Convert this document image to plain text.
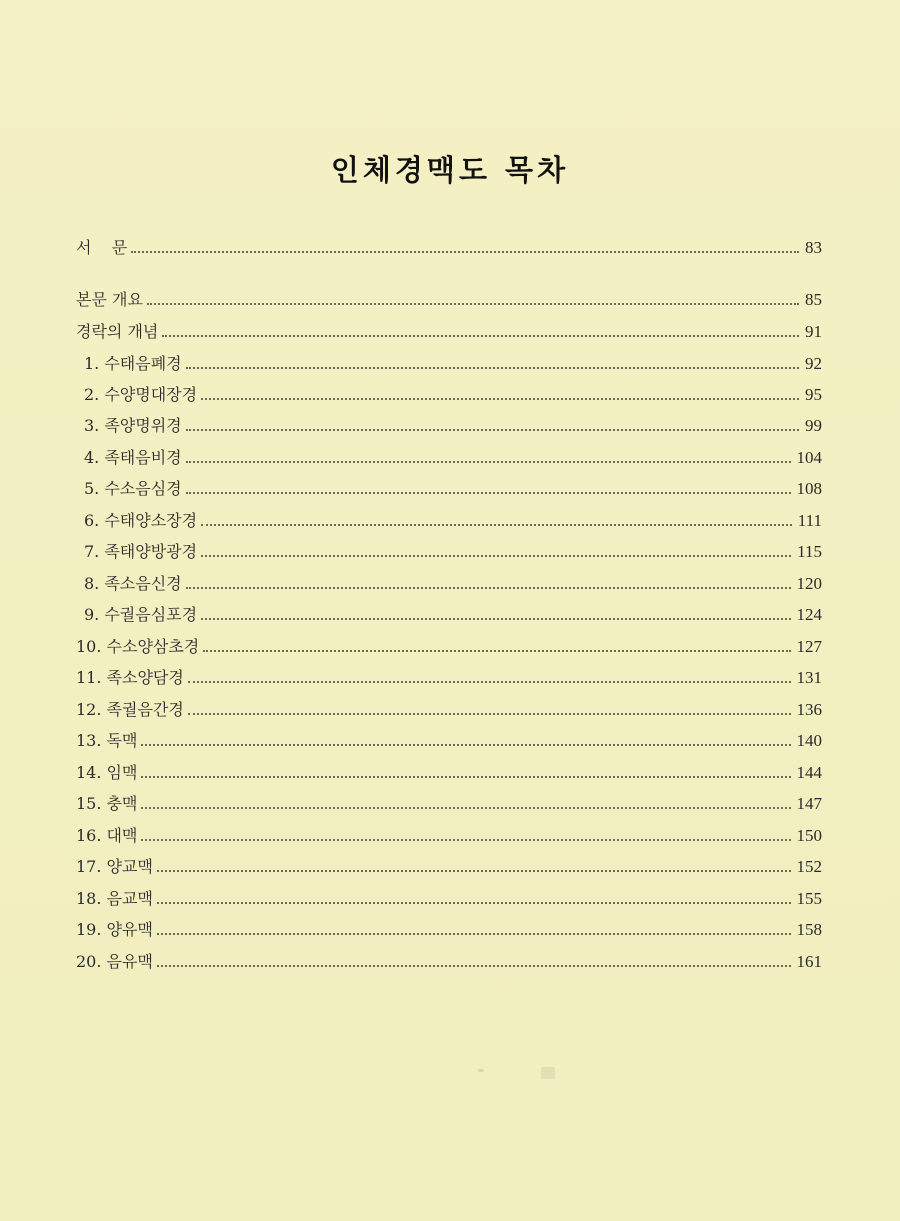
인체경맥도 목차
서    문	83
본문 개요	85
경락의 개념	91
1. 수태음폐경	92
2. 수양명대장경	95
3. 족양명위경	99
4. 족태음비경	104
5. 수소음심경	108
6. 수태양소장경	111
7. 족태양방광경	115
8. 족소음신경	120
9. 수궐음심포경	124
10. 수소양삼초경	127
11. 족소양담경	131
12. 족궐음간경	136
13. 독맥	140
14. 임맥	144
15. 충맥	147
16. 대맥	150
17. 양교맥	152
18. 음교맥	155
19. 양유맥	158
20. 음유맥	161
